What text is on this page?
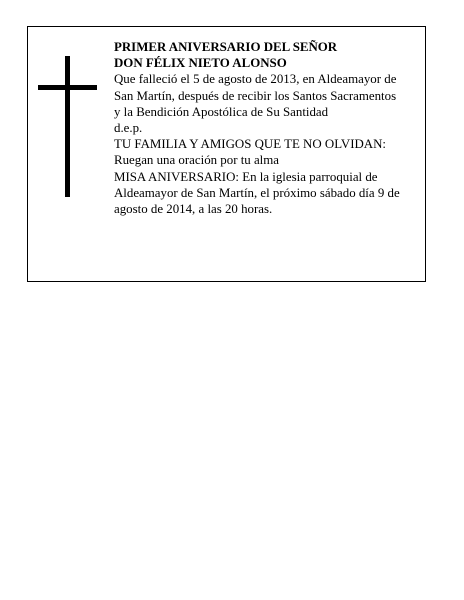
PRIMER ANIVERSARIO DEL SEÑOR
DON FÉLIX NIETO ALONSO
Que falleció el 5 de agosto de 2013, en Aldeamayor de
San Martín, después de recibir los Santos Sacramentos
y la Bendición Apostólica de Su Santidad
d.e.p.
TU FAMILIA Y AMIGOS QUE TE NO OLVIDAN:
Ruegan una oración por tu alma
MISA ANIVERSARIO: En la iglesia parroquial de
Aldeamayor de San Martín, el próximo sábado día 9 de
agosto de 2014, a las 20 horas.
